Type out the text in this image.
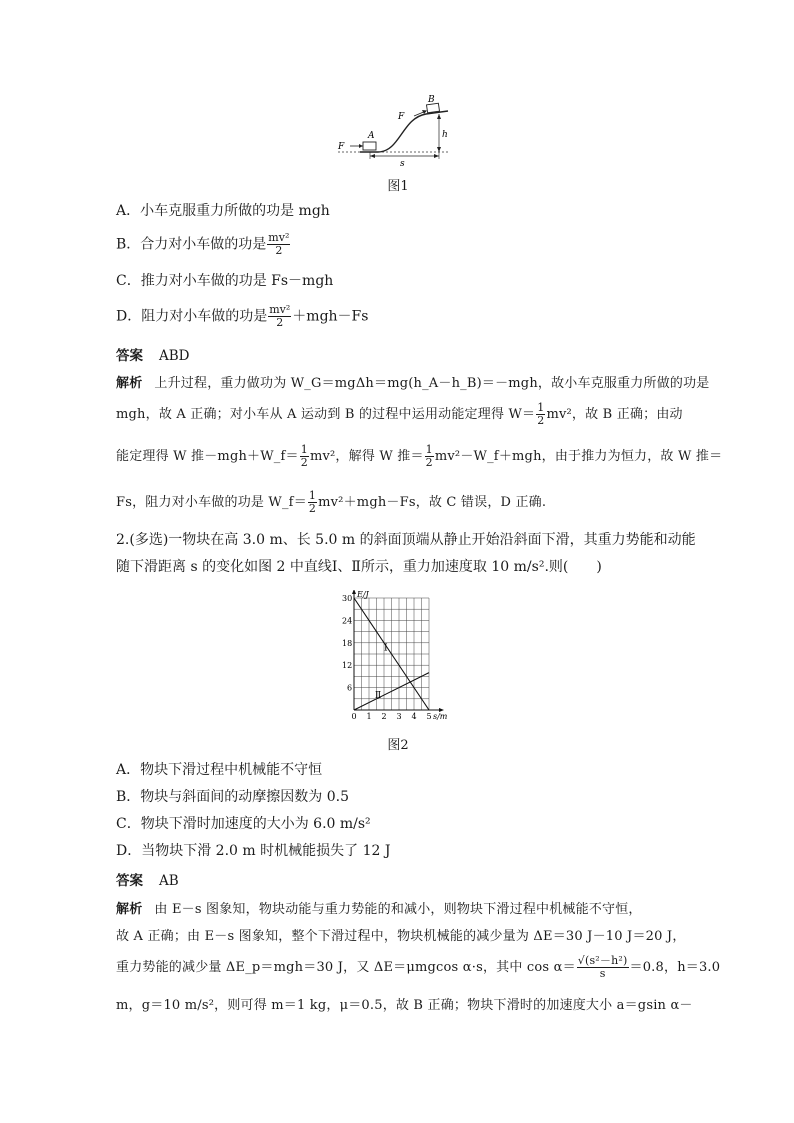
F
A
F
B
h
s
图1
A．小车克服重力所做的功是 mgh
B．合力对小车做的功是 $\frac{\text{mv²}}{2}$
C．推力对小车做的功是 Fs－mgh
D．阻力对小车做的功是 $\frac{\text{mv²}}{2} +mgh-Fs$
答案 ABD
解析 上升过程，重力做功为 W_G＝mgΔh＝mg(h_A－h_B)＝－mgh，故小车克服重力所做的功是
mgh，故 A 正确；对小车从 A 运动到 B 的过程中运用动能定理得 $W= \frac{1}{2} mv^2$，故 B 正确；由动
能定理得 W 推－mgh＋W_f＝ $\frac{1}{2} mv^2$，解得 W 推＝ $\frac{1}{2}$ mv²－W_f＋mgh，由于推力为恒力，故 W 推＝
Fs，阻力对小车做的功是 W_f＝ $\frac{1}{2} mv^2+mgh-Fs$，故 C 错误，D 正确.
2.(多选)一物块在高 3.0 m、长 5.0 m 的斜面顶端从静止开始沿斜面下滑，其重力势能和动能
随下滑距离 s 的变化如图 2 中直线Ⅰ、Ⅱ所示，重力加速度取 10 m/s².则(　　)
Ⅰ
Ⅱ
0 1 2 3 4 5
6
12
18
24
30 E/J
s/m
图2
A．物块下滑过程中机械能不守恒
B．物块与斜面间的动摩擦因数为 0.5
C．物块下滑时加速度的大小为 6.0 m/s²
D．当物块下滑 2.0 m 时机械能损失了 12 J
答案 AB
解析 由 E－s 图象知，物块动能与重力势能的和减小，则物块下滑过程中机械能不守恒，
故 A 正确；由 E－s 图象知，整个下滑过程中，物块机械能的减少量为 ΔE＝30 J－10 J＝20 J，
重力势能的减少量 ΔE_p＝mgh＝30 J，又 ΔE＝μmgcos α·s，其中 $\cos \alpha= \frac{\text{√(s²－h²)}}{s} =0.8$，h＝3.0
m，g＝10 m/s²，则可得 m＝1 kg，μ＝0.5，故 B 正确；物块下滑时的加速度大小 a＝gsin α－
